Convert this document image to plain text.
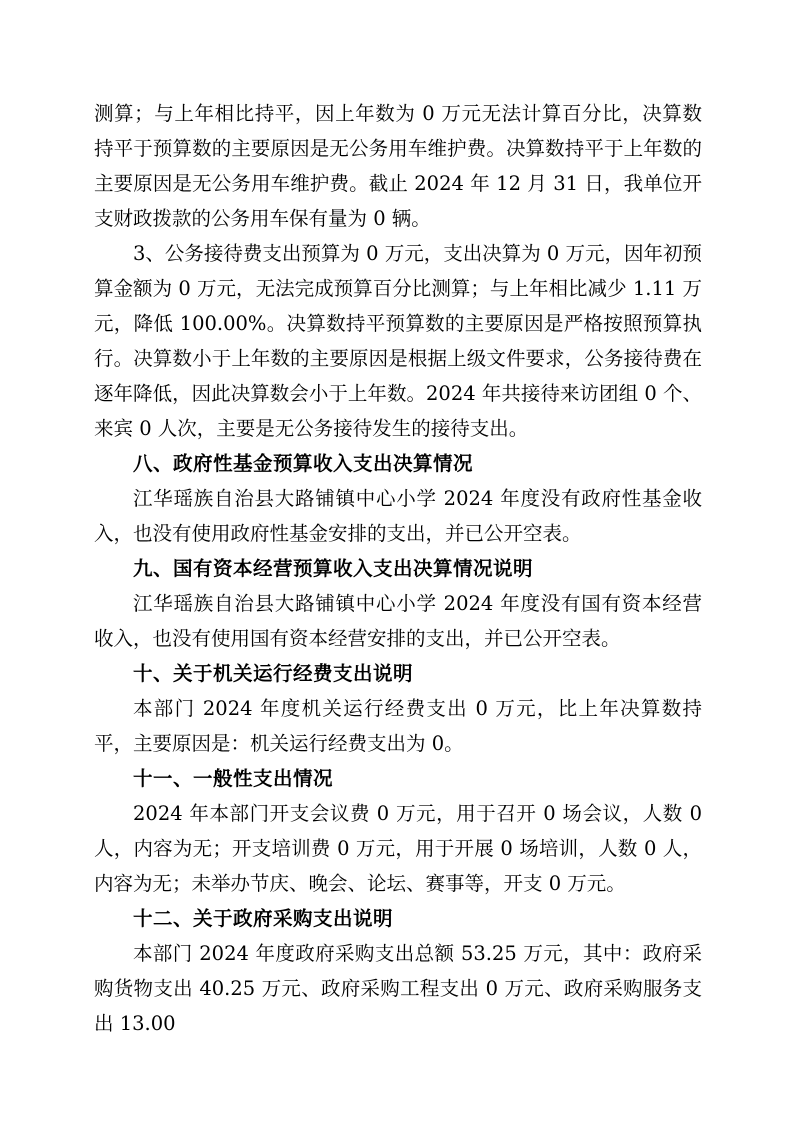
测算；与上年相比持平，因上年数为 0 万元无法计算百分比，决算数持平于预算数的主要原因是无公务用车维护费。决算数持平于上年数的主要原因是无公务用车维护费。截止 2024 年 12 月 31 日，我单位开支财政拨款的公务用车保有量为 0 辆。

3、公务接待费支出预算为 0 万元，支出决算为 0 万元，因年初预算金额为 0 万元，无法完成预算百分比测算；与上年相比减少 1.11 万元，降低 100.00%。决算数持平预算数的主要原因是严格按照预算执行。决算数小于上年数的主要原因是根据上级文件要求，公务接待费在逐年降低，因此决算数会小于上年数。2024 年共接待来访团组 0 个、来宾 0 人次，主要是无公务接待发生的接待支出。

八、政府性基金预算收入支出决算情况

江华瑶族自治县大路铺镇中心小学 2024 年度没有政府性基金收入，也没有使用政府性基金安排的支出，并已公开空表。

九、国有资本经营预算收入支出决算情况说明

江华瑶族自治县大路铺镇中心小学 2024 年度没有国有资本经营收入，也没有使用国有资本经营安排的支出，并已公开空表。

十、关于机关运行经费支出说明

本部门 2024 年度机关运行经费支出 0 万元，比上年决算数持平，主要原因是：机关运行经费支出为 0。

十一、一般性支出情况

2024 年本部门开支会议费 0 万元，用于召开 0 场会议，人数 0 人，内容为无；开支培训费 0 万元，用于开展 0 场培训，人数 0 人，内容为无；未举办节庆、晚会、论坛、赛事等，开支 0 万元。

十二、关于政府采购支出说明

本部门 2024 年度政府采购支出总额 53.25 万元，其中：政府采购货物支出 40.25 万元、政府采购工程支出 0 万元、政府采购服务支出 13.00
